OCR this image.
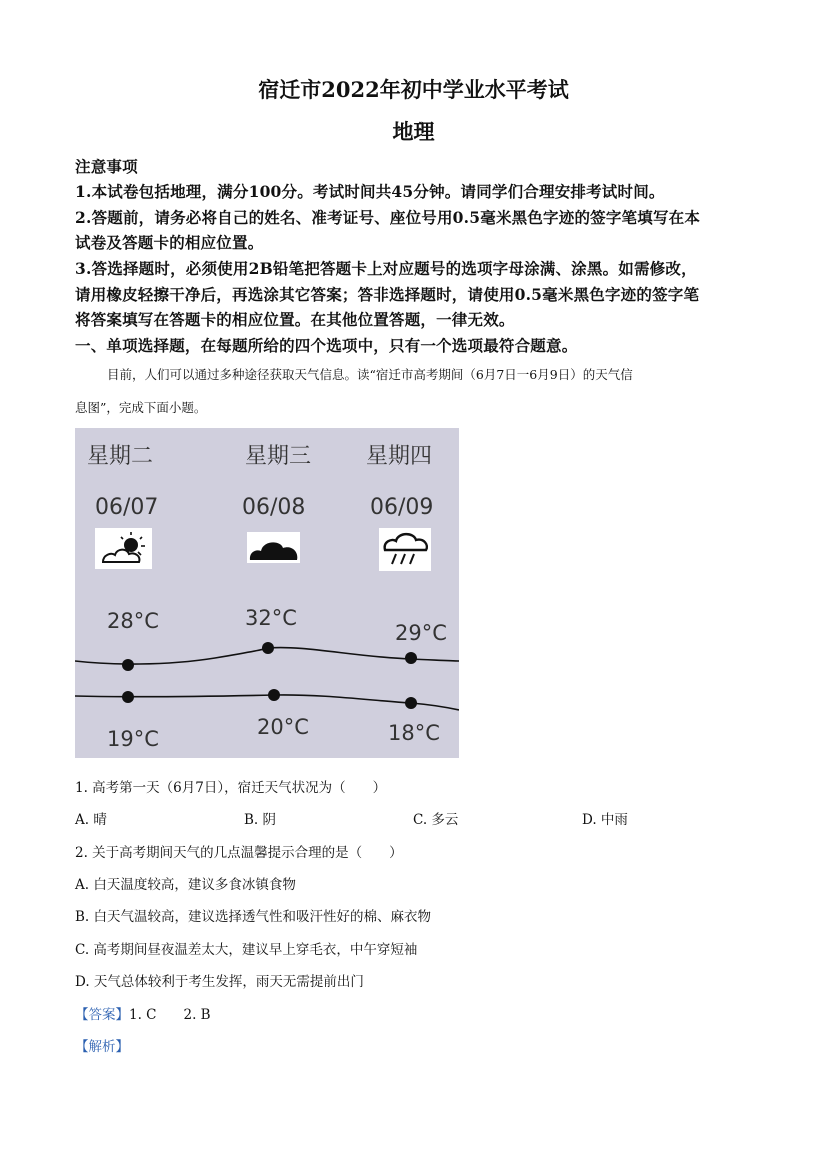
宿迁市2022年初中学业水平考试
地理
注意事项
1.本试卷包括地理，满分100分。考试时间共45分钟。请同学们合理安排考试时间。
2.答题前，请务必将自己的姓名、准考证号、座位号用0.5毫米黑色字迹的签字笔填写在本
试卷及答题卡的相应位置。
3.答选择题时，必须使用2B铅笔把答题卡上对应题号的选项字母涂满、涂黑。如需修改，
请用橡皮轻擦干净后，再选涂其它答案；答非选择题时，请使用0.5毫米黑色字迹的签字笔
将答案填写在答题卡的相应位置。在其他位置答题，一律无效。
一、单项选择题，在每题所给的四个选项中，只有一个选项最符合题意。
目前，人们可以通过多种途径获取天气信息。读“宿迁市高考期间（6月7日一6月9日）的天气信
息图”，完成下面小题。
星期二	星期三 星期四
06/07	06/08	06/09
28°C	32°C
29°C
19°C	20°C	18°C
1. 高考第一天（6月7日），宿迁天气状况为（　　）
A. 晴	B. 阴	C. 多云	D. 中雨
2. 关于高考期间天气的几点温馨提示合理的是（　　）
A. 白天温度较高，建议多食冰镇食物
B. 白天气温较高，建议选择透气性和吸汗性好的棉、麻衣物
C. 高考期间昼夜温差太大，建议早上穿毛衣，中午穿短袖
D. 天气总体较利于考生发挥，雨天无需提前出门
【答案】1. C　　2. B
【解析】
